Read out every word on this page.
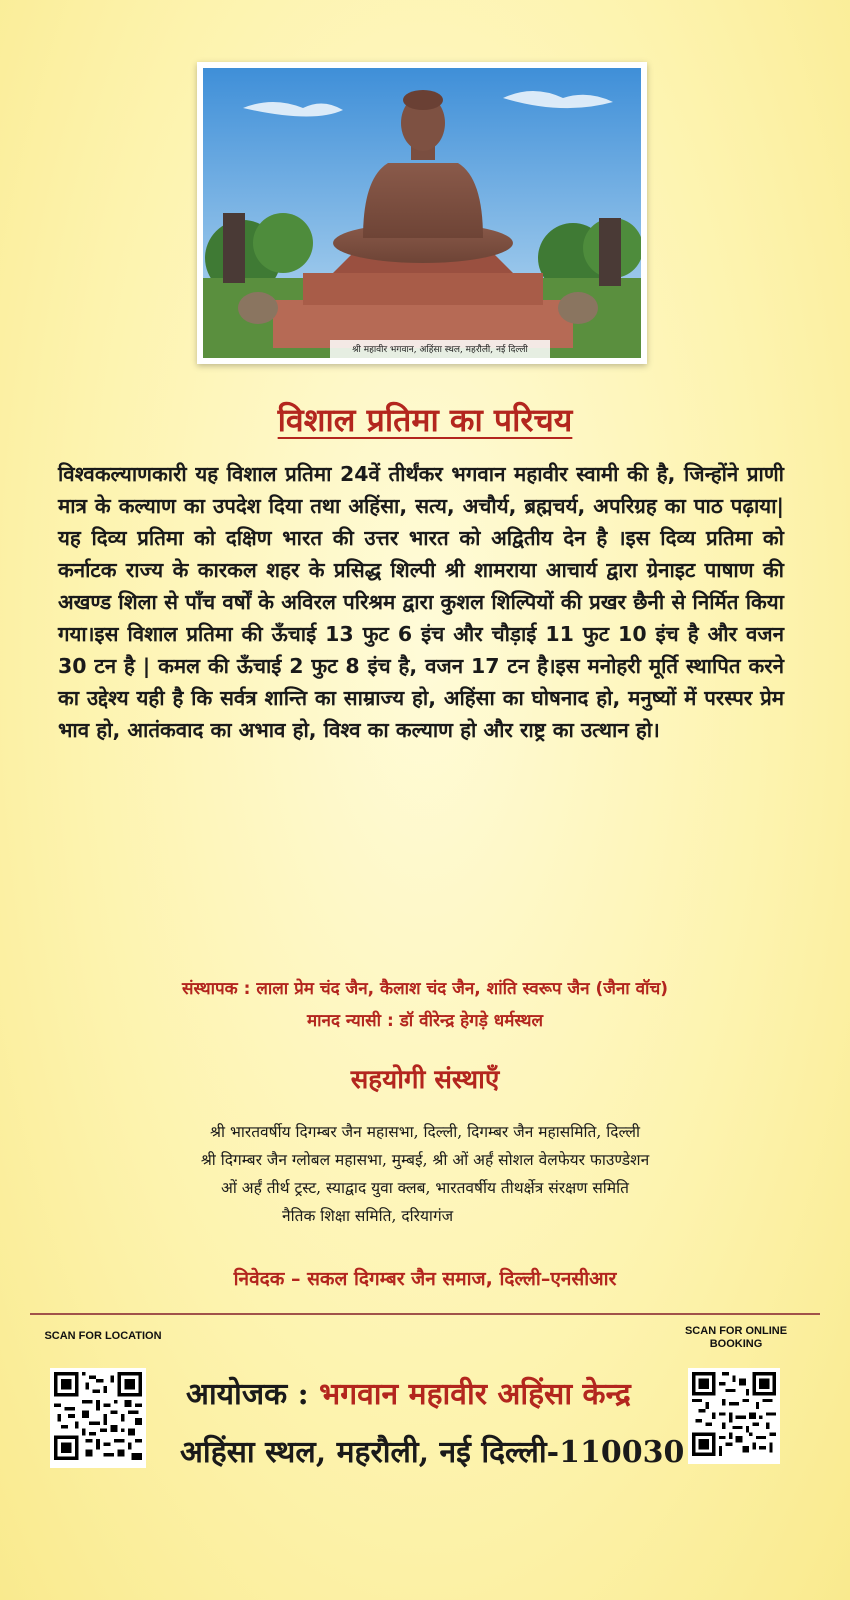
श्री महावीर भगवान, अहिंसा स्थल, महरौली, नई दिल्ली
विशाल प्रतिमा का परिचय

विश्वकल्याणकारी यह विशाल प्रतिमा 24वें तीर्थंकर भगवान महावीर स्वामी की है, जिन्होंने प्राणी मात्र के कल्याण का उपदेश दिया तथा अहिंसा, सत्य, अचौर्य, ब्रह्मचर्य, अपरिग्रह का पाठ पढ़ाया| यह दिव्य प्रतिमा को दक्षिण भारत की उत्तर भारत को अद्वितीय देन है ।इस दिव्य प्रतिमा को कर्नाटक राज्य के कारकल शहर के प्रसिद्ध शिल्पी श्री शामराया आचार्य द्वारा ग्रेनाइट पाषाण की अखण्ड शिला से पाँच वर्षों के अविरल परिश्रम द्वारा कुशल शिल्पियों की प्रखर छैनी से निर्मित किया गया।इस विशाल प्रतिमा की ऊँचाई 13 फुट 6 इंच और चौड़ाई 11 फुट 10 इंच है और वजन 30 टन है | कमल की ऊँचाई 2 फुट 8 इंच है, वजन 17 टन है।इस मनोहरी मूर्ति स्थापित करने का उद्देश्य यही है कि सर्वत्र शान्ति का साम्राज्य हो, अहिंसा का घोषनाद हो, मनुष्यों में परस्पर प्रेम भाव हो, आतंकवाद का अभाव हो, विश्व का कल्याण हो और राष्ट्र का उत्थान हो।

संस्थापक : लाला प्रेम चंद जैन, कैलाश चंद जैन, शांति स्वरूप जैन (जैना वॉच)
मानद न्यासी : डॉ वीरेन्द्र हेगड़े धर्मस्थल
सहयोगी संस्थाएँ
श्री भारतवर्षीय दिगम्बर जैन महासभा, दिल्ली, दिगम्बर जैन महासमिति, दिल्ली
श्री दिगम्बर जैन ग्लोबल महासभा, मुम्बई, श्री ओं अर्हं सोशल वेलफेयर फाउण्डेशन
ओं अर्हं तीर्थ ट्रस्ट, स्याद्वाद युवा क्लब, भारतवर्षीय तीथर्क्षेत्र संरक्षण समिति
नैतिक शिक्षा समिति, दरियागंज
निवेदक – सकल दिगम्बर जैन समाज, दिल्ली–एनसीआर
SCAN FOR LOCATION	SCAN FOR ONLINE BOOKING
आयोजक : भगवान महावीर अहिंसा केन्द्र
अहिंसा स्थल, महरौली, नई दिल्ली-110030
